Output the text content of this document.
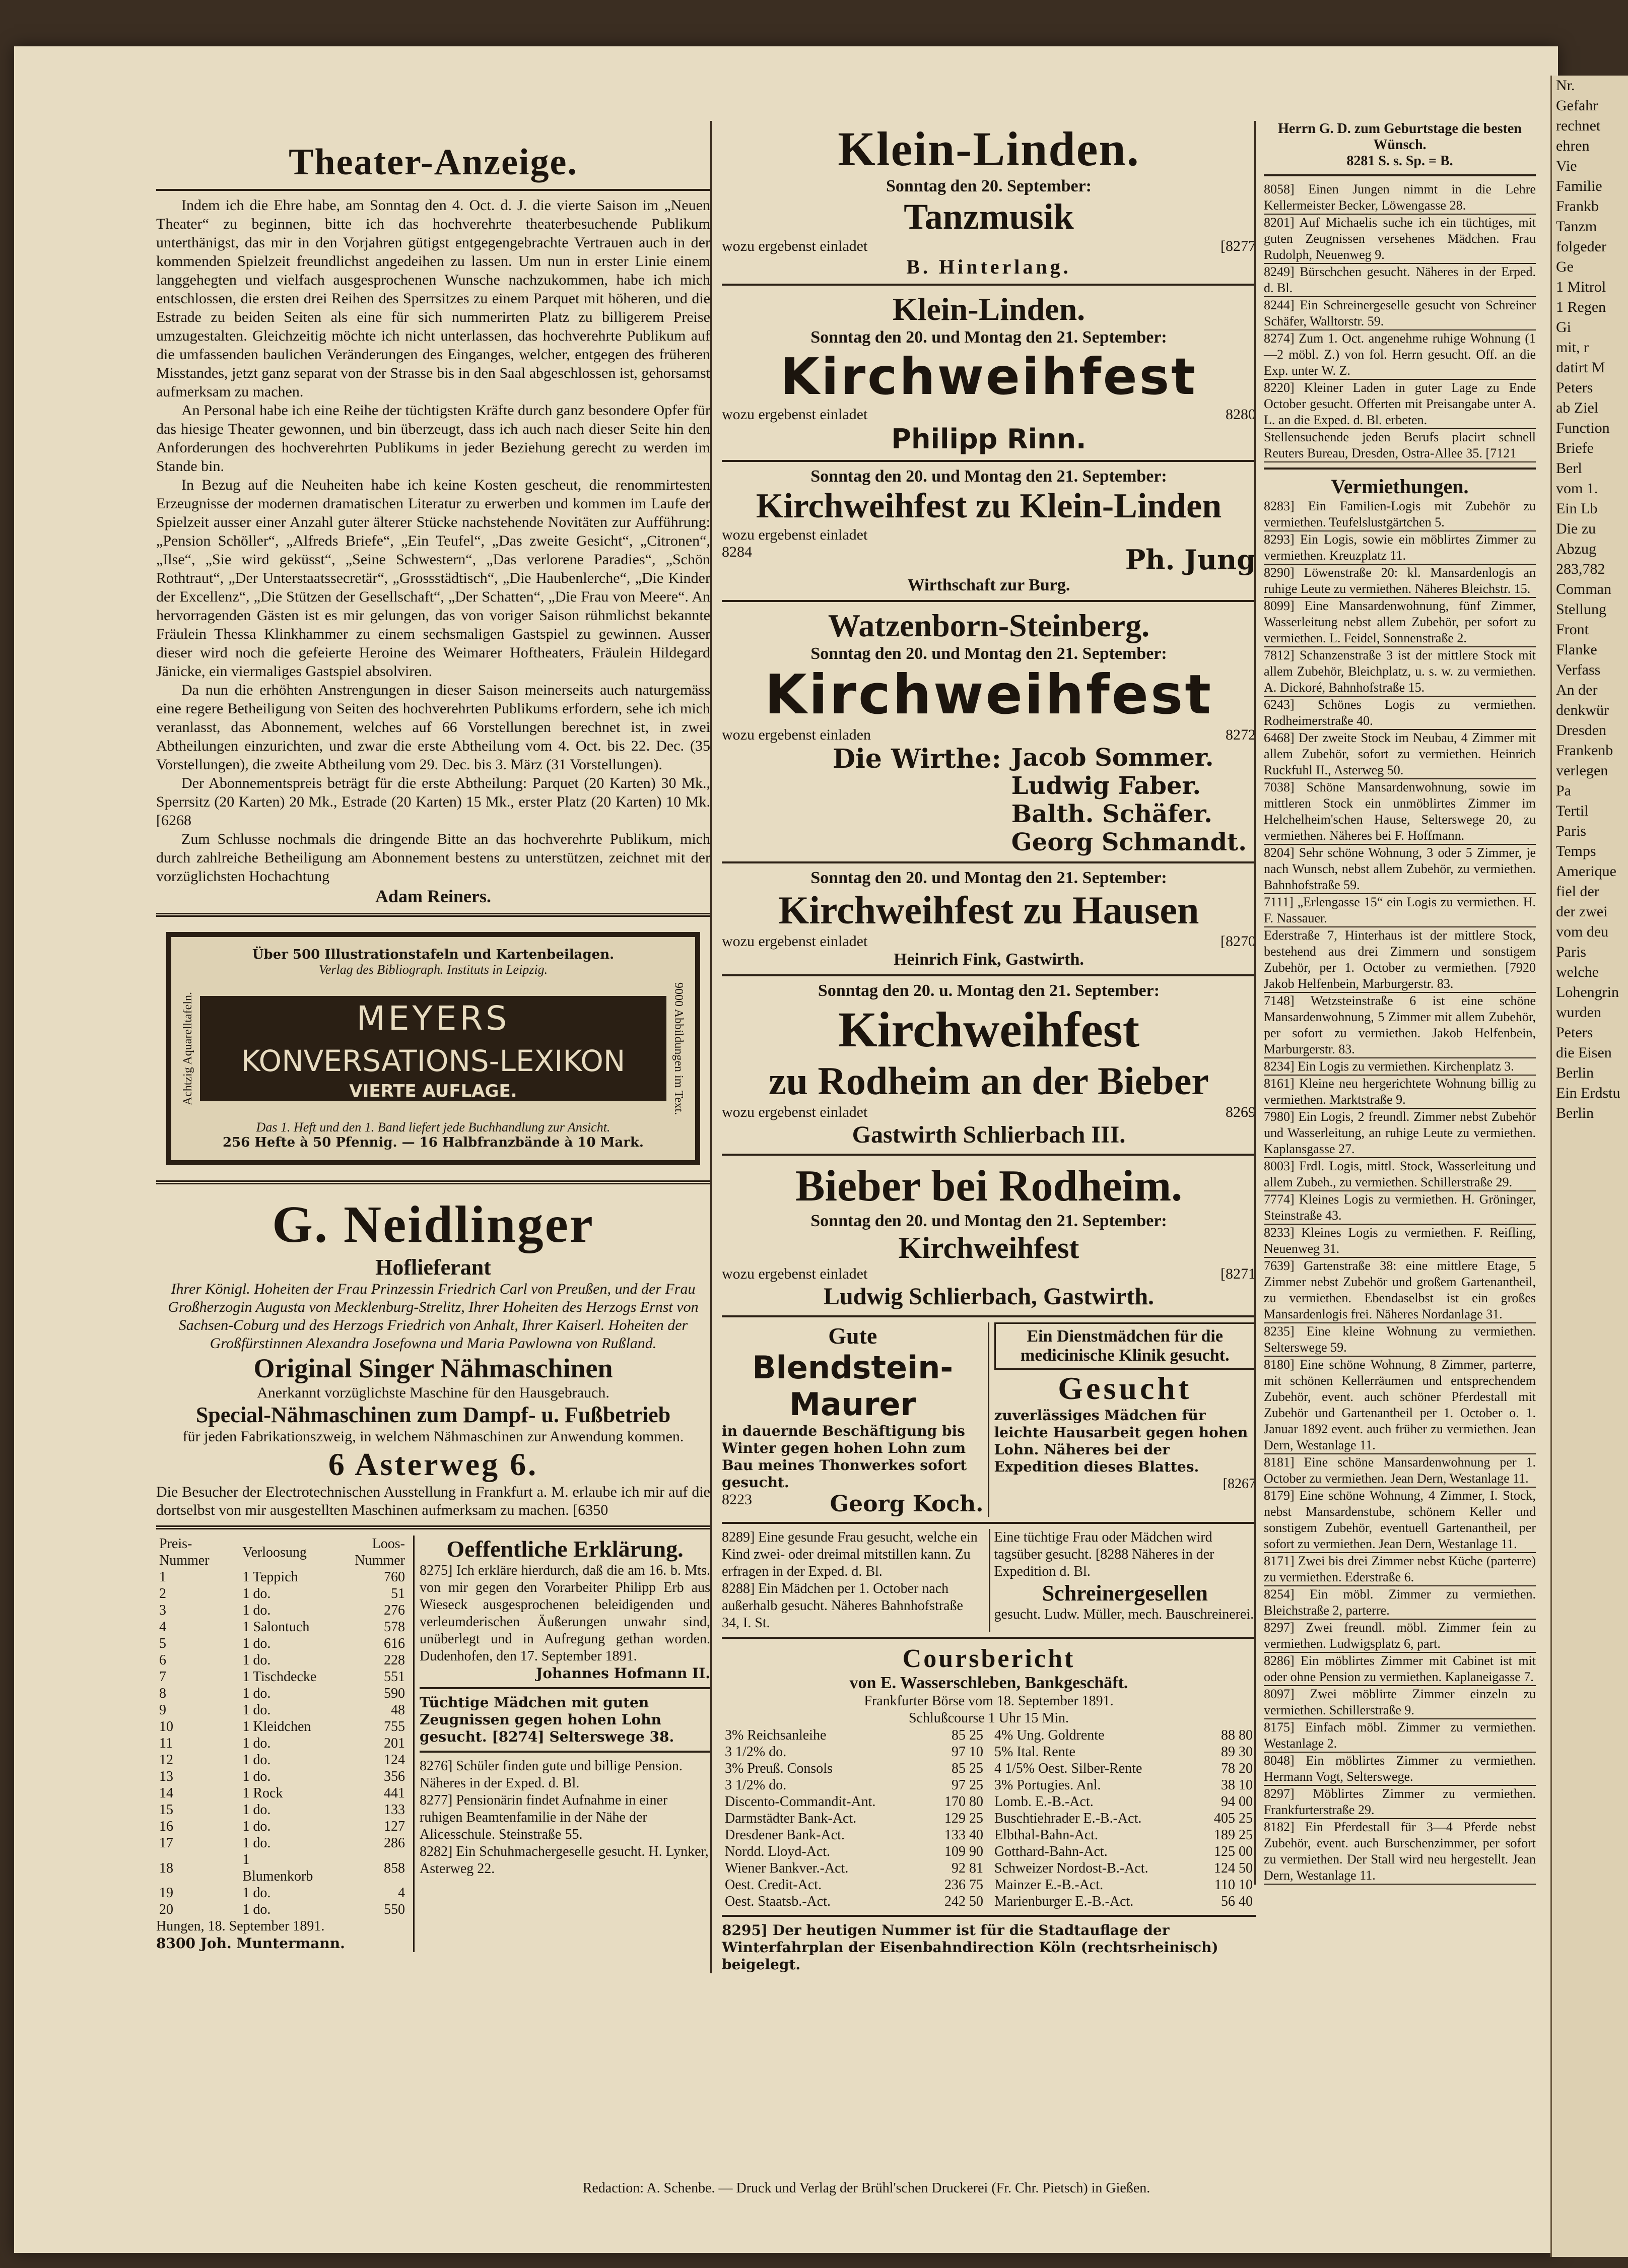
Theater-Anzeige.

Indem ich die Ehre habe, am Sonntag den 4. Oct. d. J. die vierte Saison im „Neuen Theater“ zu beginnen, bitte ich das hochverehrte theaterbesuchende Publikum unterthänigst, das mir in den Vorjahren gütigst entgegengebrachte Vertrauen auch in der kommenden Spielzeit freundlichst angedeihen zu lassen. Um nun in erster Linie einem langgehegten und vielfach ausgesprochenen Wunsche nachzukommen, habe ich mich entschlossen, die ersten drei Reihen des Sperrsitzes zu einem Parquet mit höheren, und die Estrade zu beiden Seiten als eine für sich nummerirten Platz zu billigerem Preise umzugestalten. Gleichzeitig möchte ich nicht unterlassen, das hochverehrte Publikum auf die umfassenden baulichen Veränderungen des Einganges, welcher, entgegen des früheren Misstandes, jetzt ganz separat von der Strasse bis in den Saal abgeschlossen ist, gehorsamst aufmerksam zu machen.

An Personal habe ich eine Reihe der tüchtigsten Kräfte durch ganz besondere Opfer für das hiesige Theater gewonnen, und bin überzeugt, dass ich auch nach dieser Seite hin den Anforderungen des hochverehrten Publikums in jeder Beziehung gerecht zu werden im Stande bin.

In Bezug auf die Neuheiten habe ich keine Kosten gescheut, die renommirtesten Erzeugnisse der modernen dramatischen Literatur zu erwerben und kommen im Laufe der Spielzeit ausser einer Anzahl guter älterer Stücke nachstehende Novitäten zur Aufführung: „Pension Schöller“, „Alfreds Briefe“, „Ein Teufel“, „Das zweite Gesicht“, „Citronen“, „Ilse“, „Sie wird geküsst“, „Seine Schwestern“, „Das verlorene Paradies“, „Schön Rothtraut“, „Der Unterstaatssecretär“, „Grossstädtisch“, „Die Haubenlerche“, „Die Kinder der Excellenz“, „Die Stützen der Gesellschaft“, „Der Schatten“, „Die Frau von Meere“. An hervorragenden Gästen ist es mir gelungen, das von voriger Saison rühmlichst bekannte Fräulein Thessa Klinkhammer zu einem sechsmaligen Gastspiel zu gewinnen. Ausser dieser wird noch die gefeierte Heroine des Weimarer Hoftheaters, Fräulein Hildegard Jänicke, ein viermaliges Gastspiel absolviren.

Da nun die erhöhten Anstrengungen in dieser Saison meinerseits auch naturgemäss eine regere Betheiligung von Seiten des hochverehrten Publikums erfordern, sehe ich mich veranlasst, das Abonnement, welches auf 66 Vorstellungen berechnet ist, in zwei Abtheilungen einzurichten, und zwar die erste Abtheilung vom 4. Oct. bis 22. Dec. (35 Vorstellungen), die zweite Abtheilung vom 29. Dec. bis 3. März (31 Vorstellungen).

Der Abonnementspreis beträgt für die erste Abtheilung: Parquet (20 Karten) 30 Mk., Sperrsitz (20 Karten) 20 Mk., Estrade (20 Karten) 15 Mk., erster Platz (20 Karten) 10 Mk. [6268

Zum Schlusse nochmals die dringende Bitte an das hochverehrte Publikum, mich durch zahlreiche Betheiligung am Abonnement bestens zu unterstützen, zeichnet mit der vorzüglichsten Hochachtung

Adam Reiners.
Über 500 Illustrationstafeln und Kartenbeilagen.
Verlag des Bibliograph. Instituts in Leipzig.
Achtzig Aquarelltafeln.	MEYERS
KONVERSATIONS-LEXIKON
VIERTE AUFLAGE.	9000 Abbildungen im Text.
Das 1. Heft und den 1. Band liefert jede Buchhandlung zur Ansicht.
256 Hefte à 50 Pfennig. — 16 Halbfranzbände à 10 Mark.
G. Neidlinger
Hoflieferant

Ihrer Königl. Hoheiten der Frau Prinzessin Friedrich Carl von Preußen, und der Frau Großherzogin Augusta von Mecklenburg-Strelitz, Ihrer Hoheiten des Herzogs Ernst von Sachsen-Coburg und des Herzogs Friedrich von Anhalt, Ihrer Kaiserl. Hoheiten der Großfürstinnen Alexandra Josefowna und Maria Pawlowna von Rußland.

Original Singer Nähmaschinen

Anerkannt vorzüglichste Maschine für den Hausgebrauch.

Special-Nähmaschinen zum Dampf- u. Fußbetrieb

für jeden Fabrikationszweig, in welchem Nähmaschinen zur Anwendung kommen.

6 Asterweg 6.

Die Besucher der Electrotechnischen Ausstellung in Frankfurt a. M. erlaube ich mir auf die dortselbst von mir ausgestellten Maschinen aufmerksam zu machen. [6350

Preis-Nummer	Verloosung	Loos-Nummer
1	1 Teppich	760
2	1 do.	51
3	1 do.	276
4	1 Salontuch	578
5	1 do.	616
6	1 do.	228
7	1 Tischdecke	551
8	1 do.	590
9	1 do.	48
10	1 Kleidchen	755
11	1 do.	201
12	1 do.	124
13	1 do.	356
14	1 Rock	441
15	1 do.	133
16	1 do.	127
17	1 do.	286
18	1 Blumenkorb	858
19	1 do.	4
20	1 do.	550
Hungen, 18. September 1891.
8300 Joh. Muntermann.
Oeffentliche Erklärung.

8275] Ich erkläre hierdurch, daß die am 16. b. Mts. von mir gegen den Vorarbeiter Philipp Erb aus Wieseck ausgesprochenen beleidigenden und verleumderischen Äußerungen unwahr sind, unüberlegt und in Aufregung gethan worden. Dudenhofen, den 17. September 1891.

Johannes Hofmann II.

Tüchtige Mädchen mit guten Zeugnissen gegen hohen Lohn gesucht. [8274] Selterswege 38.

8276] Schüler finden gute und billige Pension. Näheres in der Exped. d. Bl.

8277] Pensionärin findet Aufnahme in einer ruhigen Beamtenfamilie in der Nähe der Alicesschule. Steinstraße 55.

8282] Ein Schuhmachergeselle gesucht. H. Lynker, Asterweg 22.

Klein-Linden.
Sonntag den 20. September:
Tanzmusik
wozu ergebenst einladet	[8277
B. Hinterlang.
Klein-Linden.
Sonntag den 20. und Montag den 21. September:
Kirchweihfest
wozu ergebenst einladet	8280
Philipp Rinn.
Sonntag den 20. und Montag den 21. September:
Kirchweihfest zu Klein-Linden
wozu ergebenst einladet
8284	Ph. Jung
Wirthschaft zur Burg.
Watzenborn-Steinberg.
Sonntag den 20. und Montag den 21. September:
Kirchweihfest
wozu ergebenst einladen	8272
Die Wirthe: Jacob Sommer.
Ludwig Faber.
Balth. Schäfer.
Georg Schmandt.
Sonntag den 20. und Montag den 21. September:
Kirchweihfest zu Hausen
wozu ergebenst einladet	[8270
Heinrich Fink, Gastwirth.
Sonntag den 20. u. Montag den 21. September:
Kirchweihfest
zu Rodheim an der Bieber
wozu ergebenst einladet	8269
Gastwirth Schlierbach III.
Bieber bei Rodheim.
Sonntag den 20. und Montag den 21. September:
Kirchweihfest
wozu ergebenst einladet	[8271
Ludwig Schlierbach, Gastwirth.
Gute
Blendstein-Maurer

in dauernde Beschäftigung bis Winter gegen hohen Lohn zum Bau meines Thonwerkes sofort gesucht.

8223	Georg Koch.
Ein Dienstmädchen für die medicinische Klinik gesucht.
Gesucht

zuverlässiges Mädchen für leichte Hausarbeit gegen hohen Lohn. Näheres bei der Expedition dieses Blattes.

[8267

8289] Eine gesunde Frau gesucht, welche ein Kind zwei- oder dreimal mitstillen kann. Zu erfragen in der Exped. d. Bl.

8288] Ein Mädchen per 1. October nach außerhalb gesucht. Näheres Bahnhofstraße 34, I. St.

Eine tüchtige Frau oder Mädchen wird tagsüber gesucht. [8288 Näheres in der Expedition d. Bl.

Schreinergesellen

gesucht. Ludw. Müller, mech. Bauschreinerei.

Coursbericht
von E. Wasserschleben, Bankgeschäft.
Frankfurter Börse vom 18. September 1891.
Schlußcourse 1 Uhr 15 Min.
3% Reichsanleihe	85 25
3 1/2% do.	97 10
3% Preuß. Consols	85 25
3 1/2% do.	97 25
Discento-Commandit-Ant.	170 80
Darmstädter Bank-Act.	129 25
Dresdener Bank-Act.	133 40
Nordd. Lloyd-Act.	109 90
Wiener Bankver.-Act.	92 81
Oest. Credit-Act.	236 75
Oest. Staatsb.-Act.	242 50
4% Ung. Goldrente	88 80
5% Ital. Rente	89 30
4 1/5% Oest. Silber-Rente	78 20
3% Portugies. Anl.	38 10
Lomb. E.-B.-Act.	94 00
Buschtiehrader E.-B.-Act.	405 25
Elbthal-Bahn-Act.	189 25
Gotthard-Bahn-Act.	125 00
Schweizer Nordost-B.-Act.	124 50
Mainzer E.-B.-Act.	110 10
Marienburger E.-B.-Act.	56 40

8295] Der heutigen Nummer ist für die Stadtauflage der Winterfahrplan der Eisenbahndirection Köln (rechtsrheinisch) beigelegt.

Herrn G. D. zum Geburtstage die besten Wünsch.
8281 S. s. Sp. = B.

8058] Einen Jungen nimmt in die Lehre Kellermeister Becker, Löwengasse 28.

8201] Auf Michaelis suche ich ein tüchtiges, mit guten Zeugnissen versehenes Mädchen. Frau Rudolph, Neuenweg 9.

8249] Bürschchen gesucht. Näheres in der Erped. d. Bl.

8244] Ein Schreinergeselle gesucht von Schreiner Schäfer, Walltorstr. 59.

8274] Zum 1. Oct. angenehme ruhige Wohnung (1—2 möbl. Z.) von fol. Herrn gesucht. Off. an die Exp. unter W. Z.

8220] Kleiner Laden in guter Lage zu Ende October gesucht. Offerten mit Preisangabe unter A. L. an die Exped. d. Bl. erbeten.

Stellensuchende jeden Berufs placirt schnell Reuters Bureau, Dresden, Ostra-Allee 35. [7121

Vermiethungen.

8283] Ein Familien-Logis mit Zubehör zu vermiethen. Teufelslustgärtchen 5.

8293] Ein Logis, sowie ein möblirtes Zimmer zu vermiethen. Kreuzplatz 11.

8290] Löwenstraße 20: kl. Mansardenlogis an ruhige Leute zu vermiethen. Näheres Bleichstr. 15.

8099] Eine Mansardenwohnung, fünf Zimmer, Wasserleitung nebst allem Zubehör, per sofort zu vermiethen. L. Feidel, Sonnenstraße 2.

7812] Schanzenstraße 3 ist der mittlere Stock mit allem Zubehör, Bleichplatz, u. s. w. zu vermiethen. A. Dickoré, Bahnhofstraße 15.

6243] Schönes Logis zu vermiethen. Rodheimerstraße 40.

6468] Der zweite Stock im Neubau, 4 Zimmer mit allem Zubehör, sofort zu vermiethen. Heinrich Ruckfuhl II., Asterweg 50.

7038] Schöne Mansardenwohnung, sowie im mittleren Stock ein unmöblirtes Zimmer im Helchelheim'schen Hause, Selterswege 20, zu vermiethen. Näheres bei F. Hoffmann.

8204] Sehr schöne Wohnung, 3 oder 5 Zimmer, je nach Wunsch, nebst allem Zubehör, zu vermiethen. Bahnhofstraße 59.

7111] „Erlengasse 15“ ein Logis zu vermiethen. H. F. Nassauer.

Ederstraße 7, Hinterhaus ist der mittlere Stock, bestehend aus drei Zimmern und sonstigem Zubehör, per 1. October zu vermiethen. [7920 Jakob Helfenbein, Marburgerstr. 83.

7148] Wetzsteinstraße 6 ist eine schöne Mansardenwohnung, 5 Zimmer mit allem Zubehör, per sofort zu vermiethen. Jakob Helfenbein, Marburgerstr. 83.

8234] Ein Logis zu vermiethen. Kirchenplatz 3.

8161] Kleine neu hergerichtete Wohnung billig zu vermiethen. Marktstraße 9.

7980] Ein Logis, 2 freundl. Zimmer nebst Zubehör und Wasserleitung, an ruhige Leute zu vermiethen. Kaplansgasse 27.

8003] Frdl. Logis, mittl. Stock, Wasserleitung und allem Zubeh., zu vermiethen. Schillerstraße 29.

7774] Kleines Logis zu vermiethen. H. Gröninger, Steinstraße 43.

8233] Kleines Logis zu vermiethen. F. Reifling, Neuenweg 31.

7639] Gartenstraße 38: eine mittlere Etage, 5 Zimmer nebst Zubehör und großem Gartenantheil, zu vermiethen. Ebendaselbst ist ein großes Mansardenlogis frei. Näheres Nordanlage 31.

8235] Eine kleine Wohnung zu vermiethen. Selterswege 59.

8180] Eine schöne Wohnung, 8 Zimmer, parterre, mit schönen Kellerräumen und entsprechendem Zubehör, event. auch schöner Pferdestall mit Zubehör und Gartenantheil per 1. October o. 1. Januar 1892 event. auch früher zu vermiethen. Jean Dern, Westanlage 11.

8181] Eine schöne Mansardenwohnung per 1. October zu vermiethen. Jean Dern, Westanlage 11.

8179] Eine schöne Wohnung, 4 Zimmer, I. Stock, nebst Mansardenstube, schönem Keller und sonstigem Zubehör, eventuell Gartenantheil, per sofort zu vermiethen. Jean Dern, Westanlage 11.

8171] Zwei bis drei Zimmer nebst Küche (parterre) zu vermiethen. Ederstraße 6.

8254] Ein möbl. Zimmer zu vermiethen. Bleichstraße 2, parterre.

8297] Zwei freundl. möbl. Zimmer fein zu vermiethen. Ludwigsplatz 6, part.

8286] Ein möblirtes Zimmer mit Cabinet ist mit oder ohne Pension zu vermiethen. Kaplaneigasse 7.

8097] Zwei möblirte Zimmer einzeln zu vermiethen. Schillerstraße 9.

8175] Einfach möbl. Zimmer zu vermiethen. Westanlage 2.

8048] Ein möblirtes Zimmer zu vermiethen. Hermann Vogt, Selterswege.

8297] Möblirtes Zimmer zu vermiethen. Frankfurterstraße 29.

8182] Ein Pferdestall für 3—4 Pferde nebst Zubehör, event. auch Burschenzimmer, per sofort zu vermiethen. Der Stall wird neu hergestellt. Jean Dern, Westanlage 11.

Redaction: A. Schenbe. — Druck und Verlag der Brühl'schen Druckerei (Fr. Chr. Pietsch) in Gießen.
Nr.
Gefahr
rechnet
ehren
Vie
Familie
Frankb
Tanzm
folgeder
Ge
1 Mitrol
1 Regen
Gi
mit, r
datirt M
Peters
ab Ziel
Function
Briefe
Berl
vom 1.
Ein Lb
Die zu
Abzug
283,782
Comman
Stellung
Front
Flanke
Verfass
An der
denkwür
Dresden
Frankenb
verlegen
Pa
Tertil
Paris
Temps
Amerique
fiel der
der zwei
vom deu
Paris
welche
Lohengrin
wurden
Peters
die Eisen
Berlin
Ein Erdstu
Berlin
